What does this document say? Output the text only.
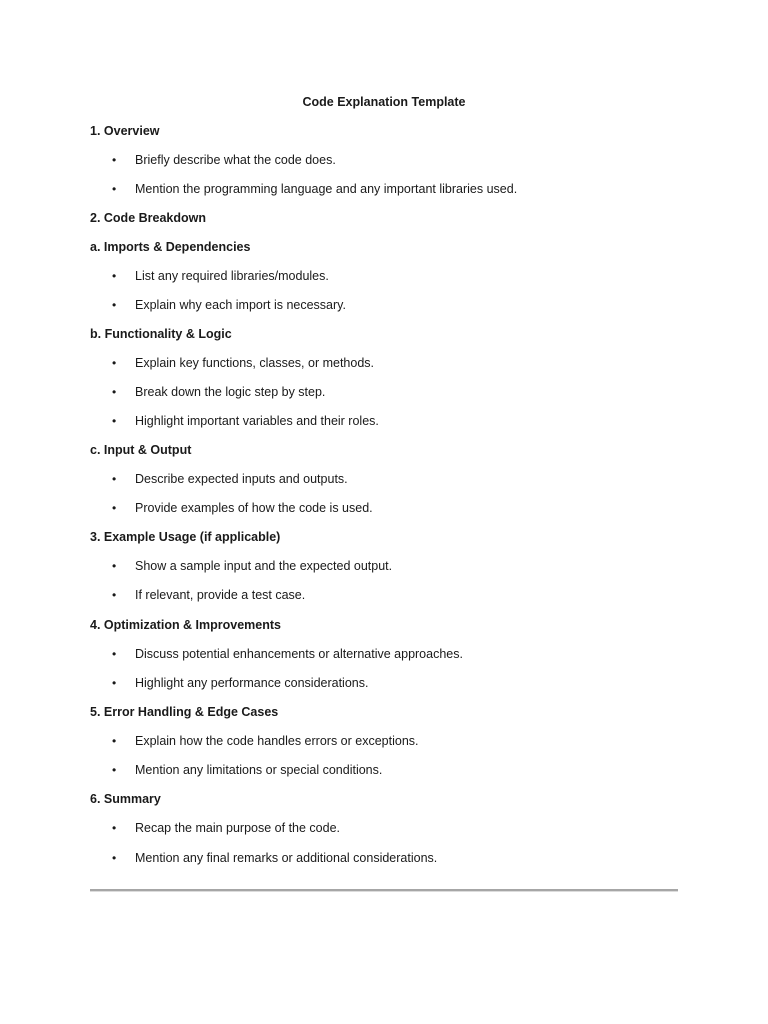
Code Explanation Template
1. Overview
• Briefly describe what the code does.
• Mention the programming language and any important libraries used.
2. Code Breakdown
a. Imports & Dependencies
• List any required libraries/modules.
• Explain why each import is necessary.
b. Functionality & Logic
• Explain key functions, classes, or methods.
• Break down the logic step by step.
• Highlight important variables and their roles.
c. Input & Output
• Describe expected inputs and outputs.
• Provide examples of how the code is used.
3. Example Usage (if applicable)
• Show a sample input and the expected output.
• If relevant, provide a test case.
4. Optimization & Improvements
• Discuss potential enhancements or alternative approaches.
• Highlight any performance considerations.
5. Error Handling & Edge Cases
• Explain how the code handles errors or exceptions.
• Mention any limitations or special conditions.
6. Summary
• Recap the main purpose of the code.
• Mention any final remarks or additional considerations.
